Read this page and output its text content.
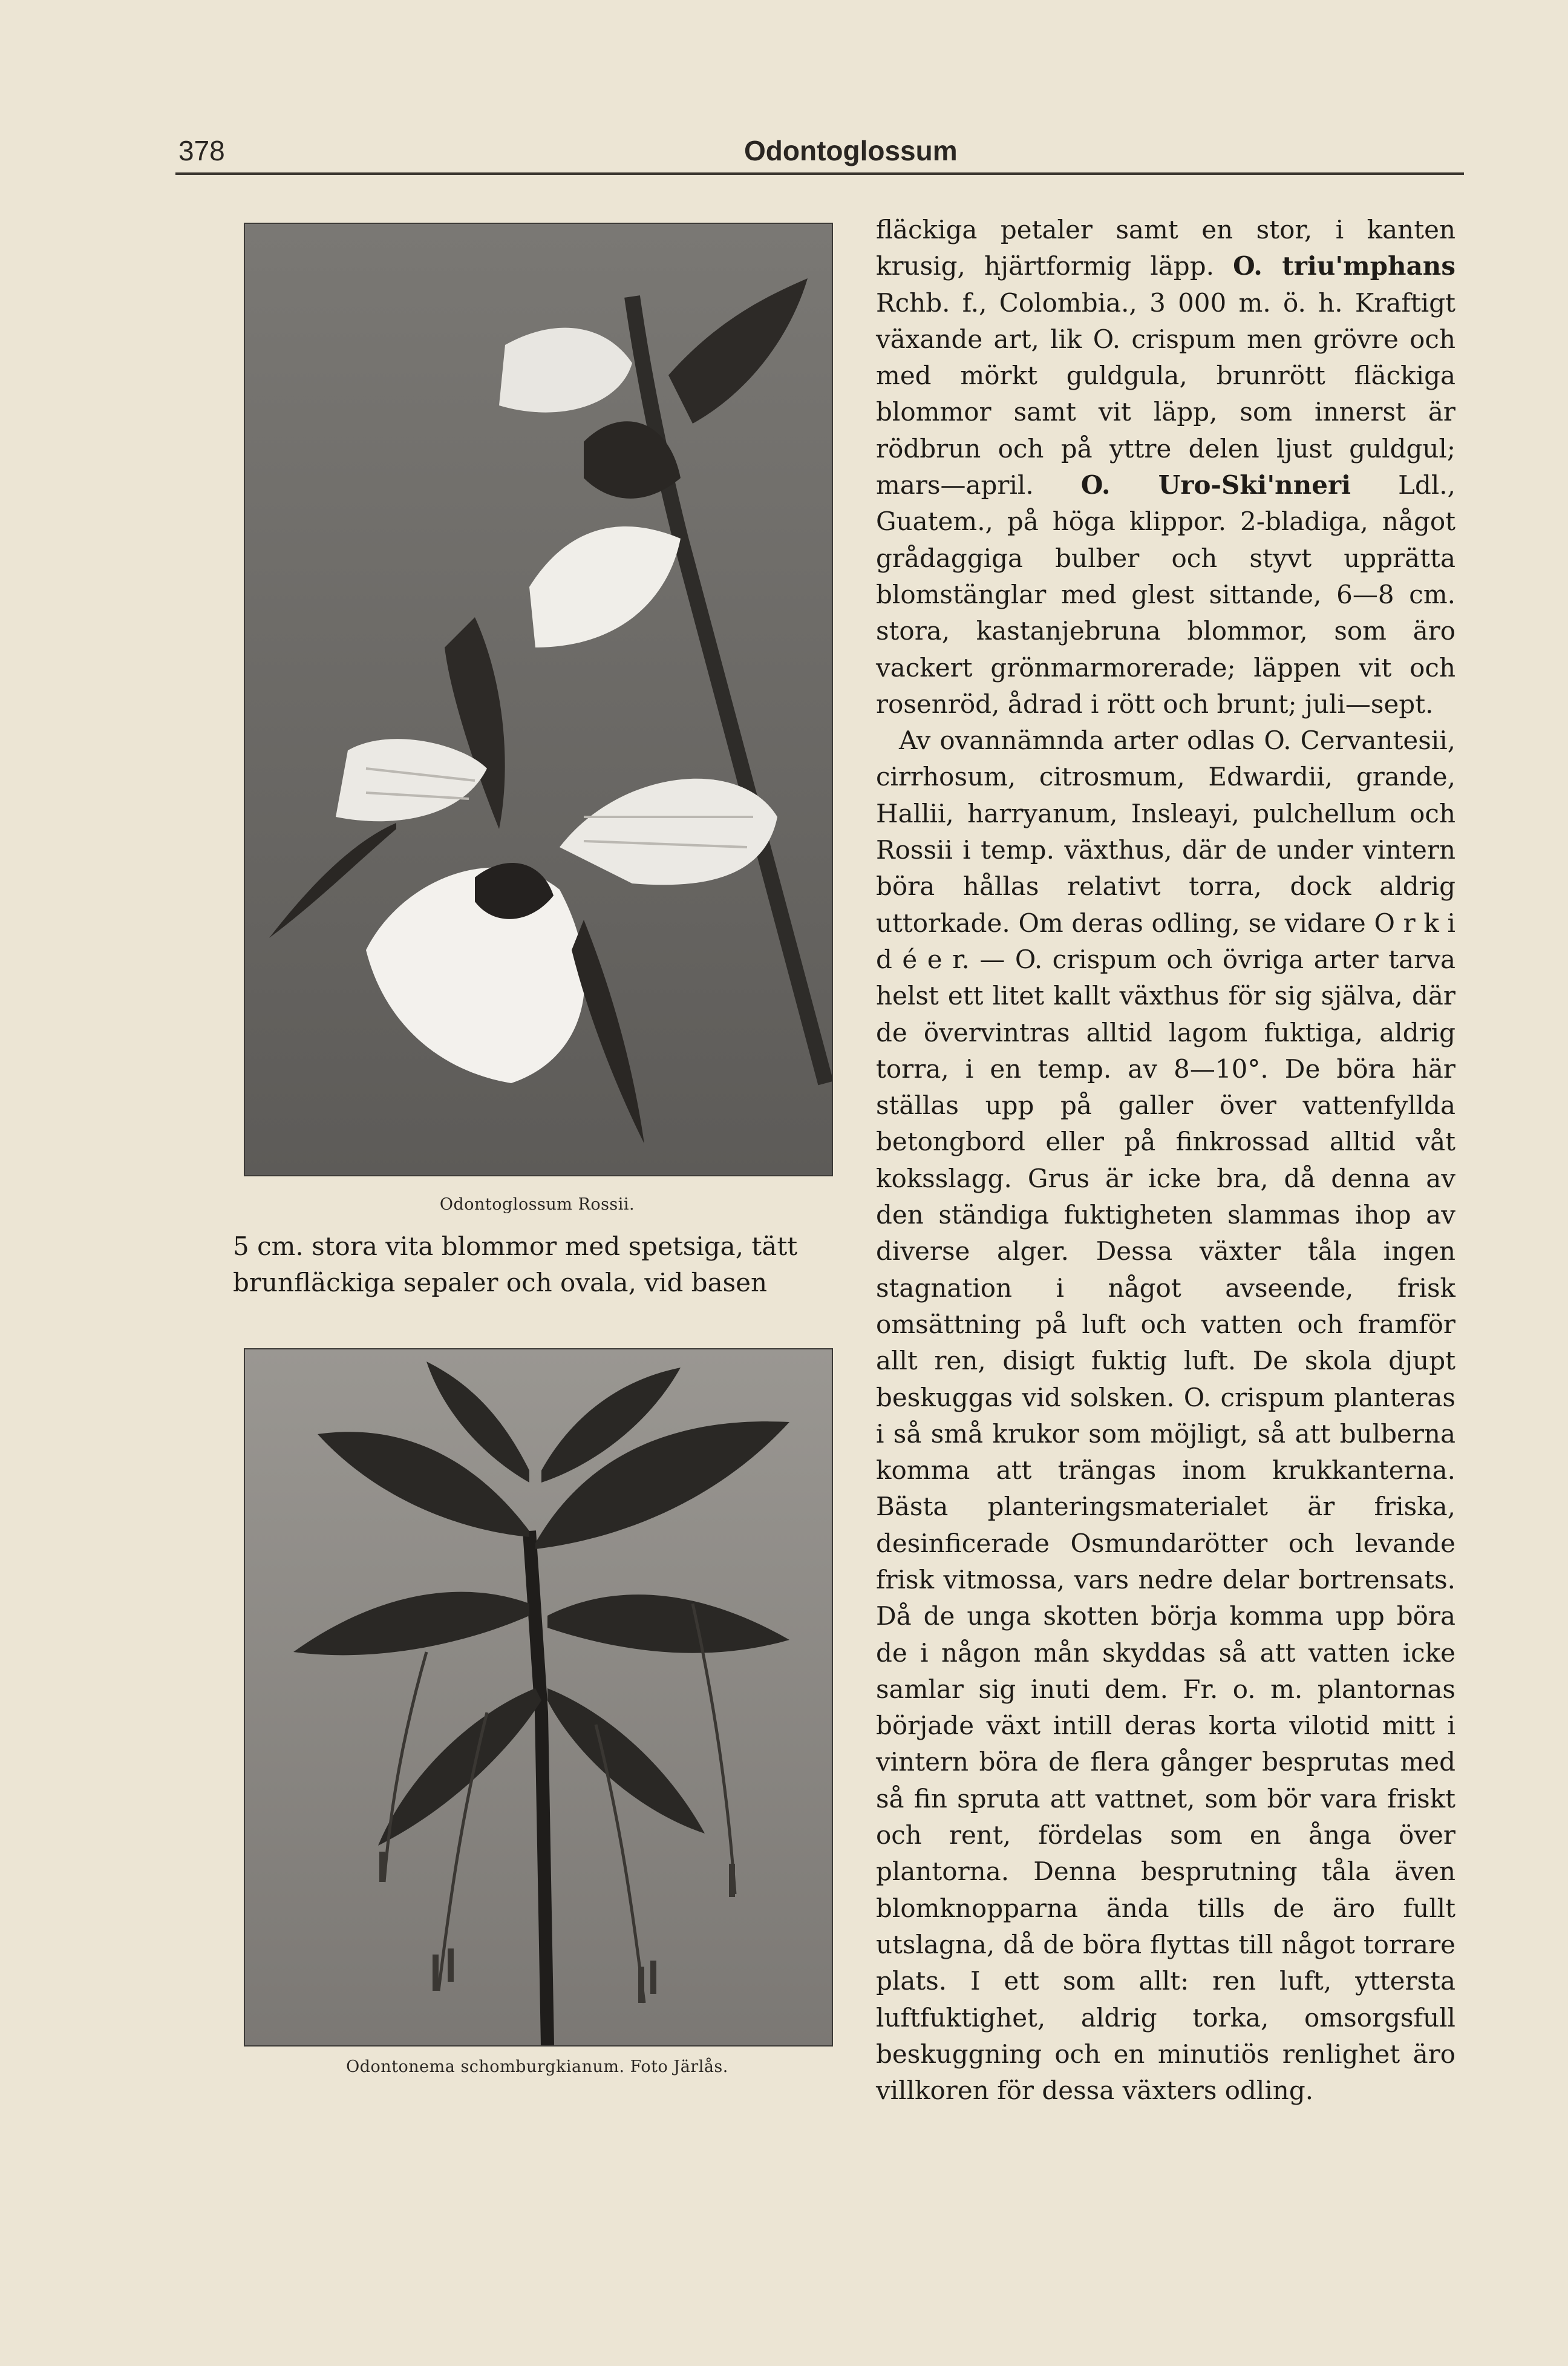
378	Odontoglossum
Odontoglossum Rossii.
5 cm. stora vita blommor med spetsiga, tätt
brunfläckiga sepaler och ovala, vid basen
Odontonema schomburgkianum. Foto Järlås.

fläckiga petaler samt en stor, i kanten krusig, hjärtformig läpp. O. triu'mphans Rchb. f., Colombia., 3 000 m. ö. h. Kraftigt växande art, lik O. crispum men grövre och med mörkt guldgula, brunrött fläckiga blommor samt vit läpp, som innerst är rödbrun och på yttre delen ljust guldgul; mars—april. O. Uro-Ski'nneri Ldl., Guatem., på höga klippor. 2-bladiga, något grådaggiga bulber och styvt upprätta blomstänglar med glest sittande, 6—8 cm. stora, kastanjebruna blommor, som äro vackert grönmarmorerade; läppen vit och rosenröd, ådrad i rött och brunt; juli—sept.

Av ovannämnda arter odlas O. Cervantesii, cirrhosum, citrosmum, Edwardii, grande, Hallii, harryanum, Insleayi, pulchellum och Rossii i temp. växthus, där de under vintern böra hållas relativt torra, dock aldrig uttorkade. Om deras odling, se vidare O r k i d é e r. — O. crispum och övriga arter tarva helst ett litet kallt växthus för sig själva, där de övervintras alltid lagom fuktiga, aldrig torra, i en temp. av 8—10°. De böra här ställas upp på galler över vattenfyllda betongbord eller på finkrossad alltid våt koksslagg. Grus är icke bra, då denna av den ständiga fuktigheten slammas ihop av diverse alger. Dessa växter tåla ingen stagnation i något avseende, frisk omsättning på luft och vatten och framför allt ren, disigt fuktig luft. De skola djupt beskuggas vid solsken. O. crispum planteras i så små krukor som möjligt, så att bulberna komma att trängas inom krukkanterna. Bästa planteringsmaterialet är friska, desinficerade Osmundarötter och levande frisk vitmossa, vars nedre delar bortrensats. Då de unga skotten börja komma upp böra de i någon mån skyddas så att vatten icke samlar sig inuti dem. Fr. o. m. plantornas började växt intill deras korta vilotid mitt i vintern böra de flera gånger besprutas med så fin spruta att vattnet, som bör vara friskt och rent, fördelas som en ånga över plantorna. Denna besprutning tåla även blomknopparna ända tills de äro fullt utslagna, då de böra flyttas till något torrare plats. I ett som allt: ren luft, yttersta luftfuktighet, aldrig torka, omsorgsfull beskuggning och en minutiös renlighet äro villkoren för dessa växters odling.
